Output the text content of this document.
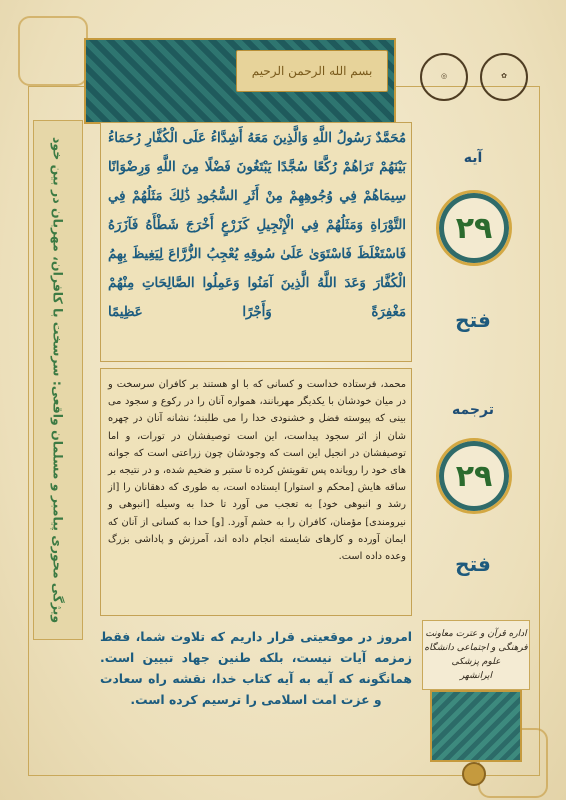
بسم الله الرحمن الرحیم	◎	✿
ویژگی محوری پیامبر و مسلمان واقعی: سرسخت با کافران، مهربان در بین خود	مُحَمَّدٌ رَسُولُ اللَّهِ وَالَّذِينَ مَعَهُ أَشِدَّاءُ عَلَى الْكُفَّارِ رُحَمَاءُ بَيْنَهُمْ تَرَاهُمْ رُكَّعًا سُجَّدًا يَبْتَغُونَ فَضْلًا مِنَ اللَّهِ وَرِضْوَانًا سِيمَاهُمْ فِي وُجُوهِهِمْ مِنْ أَثَرِ السُّجُودِ ذَٰلِكَ مَثَلُهُمْ فِي التَّوْرَاةِ وَمَثَلُهُمْ فِي الْإِنْجِيلِ كَزَرْعٍ أَخْرَجَ شَطْأَهُ فَآزَرَهُ فَاسْتَغْلَظَ فَاسْتَوَىٰ عَلَىٰ سُوقِهِ يُعْجِبُ الزُّرَّاعَ لِيَغِيظَ بِهِمُ الْكُفَّارَ وَعَدَ اللَّهُ الَّذِينَ آمَنُوا وَعَمِلُوا الصَّالِحَاتِ مِنْهُمْ مَغْفِرَةً وَأَجْرًا عَظِيمًا
آیه
۲۹
فتح
ترجمه
۲۹
فتح
محمد، فرستاده خداست و کسانی که با او هستند بر کافران سرسخت و در میان خودشان با یکدیگر مهربانند، همواره آنان را در رکوع و سجود می بینی که پیوسته فضل و خشنودی خدا را می طلبند؛ نشانه آنان در چهره شان از اثر سجود پیداست، این است توصیفشان در تورات، و اما توصیفشان در انجیل این است که وجودشان چون زراعتی است که جوانه های خود را رویانده پس تقویتش کرده تا ستبر و ضخیم شده، و در نتیجه بر ساقه هایش [محکم و استوار] ایستاده است، به طوری که دهقانان را [از رشد و انبوهی خود] به تعجب می آورد تا خدا به وسیله [انبوهی و نیرومندی] مؤمنان، کافران را به خشم آورد. [و] خدا به کسانی از آنان که ایمان آورده و کارهای شایسته انجام داده اند، آمرزش و پاداشی بزرگ وعده داده است.
امروز در موقعیتی قرار داریم که تلاوت شما، فقط زمزمه آیات نیست، بلکه طنین جهاد تبیین است. همانگونه که آیه به آیه کتاب خدا، نقشه راه سعادت و عزت امت اسلامی را ترسیم کرده است.
اداره قرآن و عترت معاونت فرهنگی و اجتماعی دانشگاه علوم پزشکی
ایرانشهر
